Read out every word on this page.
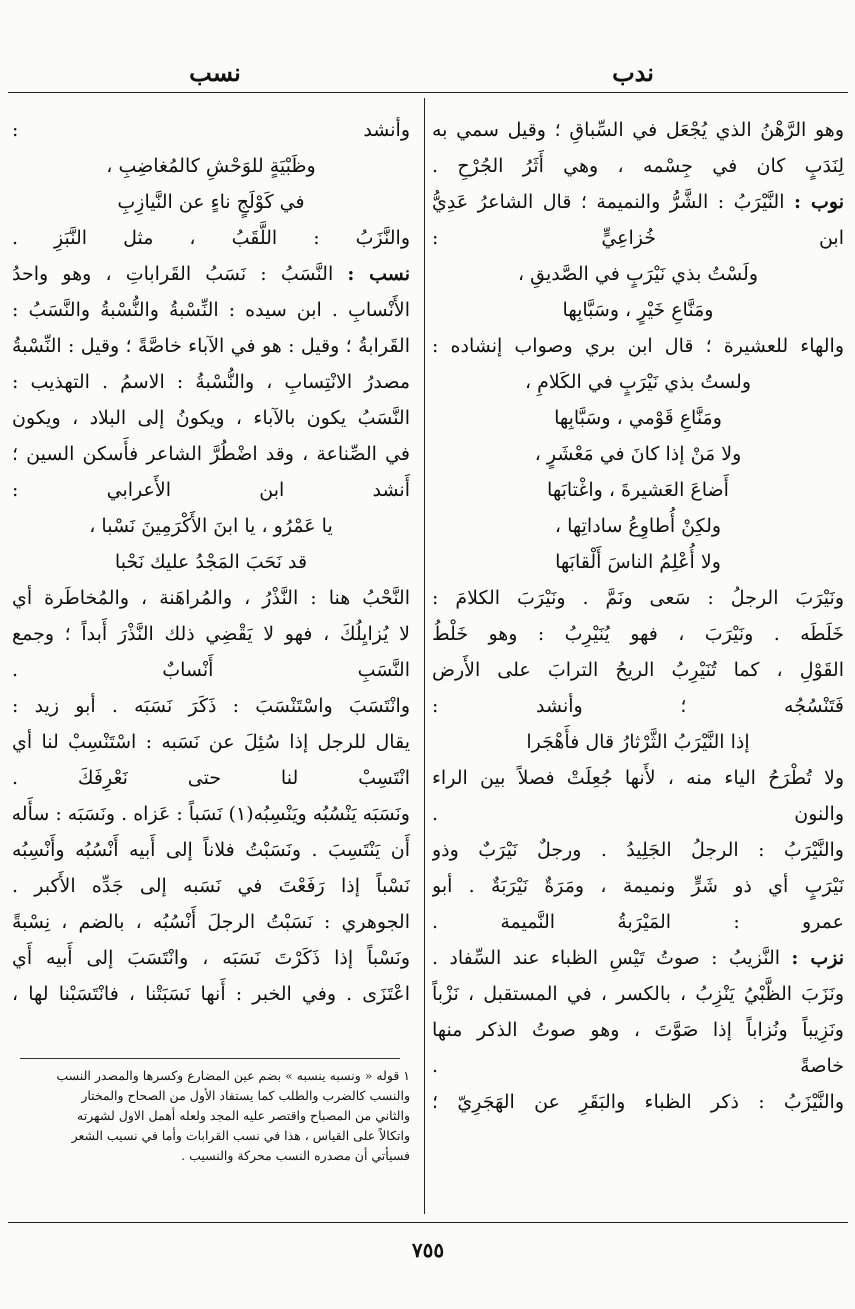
ندب
نسب
وهو الرَّهْنُ الذي يُجْعَل في السِّباقِ ؛ وقيل سمي به
لِنَدَبٍ كان في جِسْمه ، وهي أَثَرُ الجُرْحِ .
نوب : النَّيْرَبُ : الشَّرُّ والنميمة ؛ قال الشاعرُ عَدِيُّ
ابن خُزاعِيٍّ :
ولَسْتُ بذي نَيْرَبٍ في الصَّديقِ ،
ومَنَّاعِ خَيْرٍ ، وسَبَّابِها
والهاء للعشيرة ؛ قال ابن بري وصواب إنشاده :
ولستُ بذي نَيْرَبٍ في الكَلامِ ،
ومَنَّاعِ قَوْمي ، وسَبَّابِها
ولا مَنْ إذا كانَ في مَعْشَرٍ ،
أَضاعَ العَشيرةَ ، واغْتابَها
ولكِنْ أُطاوِعُ ساداتِها ،
ولا أُعْلِمُ الناسَ أَلْقابَها
ونَيْرَبَ الرجلُ : سَعى ونَمَّ . ونَيْرَبَ الكلامَ :
خَلَطَه . ونَيْرَبَ ، فهو يُنَيْرِبُ : وهو خَلْطُ
القَوْلِ ، كما تُنَيْرِبُ الريحُ الترابَ على الأَرض
فَتَنْسُجُه ؛ وأنشد :
إذا النَّيْرَبُ الثَّرْثارُ قال فأَهْجَرا
ولا تُطْرَحُ الياء منه ، لأَنها جُعِلَتْ فصلاً بين الراء
والنون .
والنَّيْرَبُ : الرجلُ الجَلِيدُ . ورجلٌ نَيْرَبٌ وذو
نَيْرَبٍ أي ذو شَرٍّ ونميمة ، ومَرَةٌ نَيْرَبَةٌ . أبو
عمرو : المَيْرَبةُ النَّميمة .
نزب : النَّزيبُ : صوتُ تَيْسِ الظباء عند السِّفاد .
ونَزَبَ الظَّبْيُ يَنْزِبُ ، بالكسر ، في المستقبل ، نَزْباً
ونَزِيباً ونُزاباً إذا صَوَّتَ ، وهو صوتُ الذكر منها
خاصةً .
والنَّيْزَبُ : ذكر الظباء والبَقَرِ عن الهَجَرِيّ ؛
وأنشد :
وظَبْيَةٍ للوَحْشِ كالمُغاضِبِ ،
في كَوْلَجٍ ناءٍ عن النَّيازِبِ
والنَّزَبُ : اللَّقَبُ ، مثل النَّبَزِ .
نسب : النَّسَبُ : نَسَبُ القَراباتِ ، وهو واحدُ
الأَنْسابِ . ابن سيده : النِّسْبةُ والنُّسْبةُ والنَّسَبُ :
القَرابةُ ؛ وقيل : هو في الآباء خاصَّةً ؛ وقيل : النِّسْبةُ
مصدرُ الانْتِسابِ ، والنُّسْبةُ : الاسمُ . التهذيب :
النَّسَبُ يكون بالآباء ، ويكونُ إلى البلاد ، ويكون
في الصِّناعة ، وقد اضْطُرَّ الشاعر فأَسكن السين ؛
أَنشد ابن الأَعرابي :
يا عَمْرُو ، يا ابنَ الأَكْرَمِينَ نَسْبا ،
قد نَحَبَ المَجْدُ عليك نَحْبا
النَّحْبُ هنا : النَّذْرُ ، والمُراهَنة ، والمُخاطَرة أي
لا يُزايِلُكَ ، فهو لا يَقْضِي ذلك النَّذْرَ أَبداً ؛ وجمع
النَّسَبِ أَنْسابٌ .
وانْتَسَبَ واسْتَنْسَبَ : ذَكَرَ نَسَبَه . أبو زيد :
يقال للرجل إذا سُئِلَ عن نَسَبه : اسْتَنْسِبْ لنا أي
انْتَسِبْ لنا حتى نَعْرِفَكَ .
ونَسَبَه يَنْسُبُه ويَنْسِبُه(١) نَسَباً : عَزاه . ونَسَبَه : سأَله
أَن يَنْتَسِبَ . ونَسَبْتُ فلاناً إلى أَبيه أَنْسُبُه وأَنْسِبُه
نَسْباً إذا رَفَعْتَ في نَسَبه إلى جَدِّه الأَكبر .
الجوهري : نَسَبْتُ الرجلَ أَنْسُبُه ، بالضم ، نِسْبةً
ونَسْباً إذا ذَكَرْتَ نَسَبَه ، وانْتَسَبَ إلى أَبيه أَي
اعْتَزَى . وفي الخبر : أَنها نَسَبَتْنا ، فانْتَسَبْنا لها ،
١ قوله « ونسبه ينسبه » بضم عين المضارع وكسرها والمصدر النسب
والنسب كالضرب والطلب كما يستفاد الأول من الصحاح والمختار
والثاني من المصباح واقتصر عليه المجد ولعله أهمل الاول لشهرته
واتكالاً على القياس ، هذا في نسب القرابات وأما في نسيب الشعر
فسيأتي أن مصدره النسب محركة والنسيب .
٧٥٥
